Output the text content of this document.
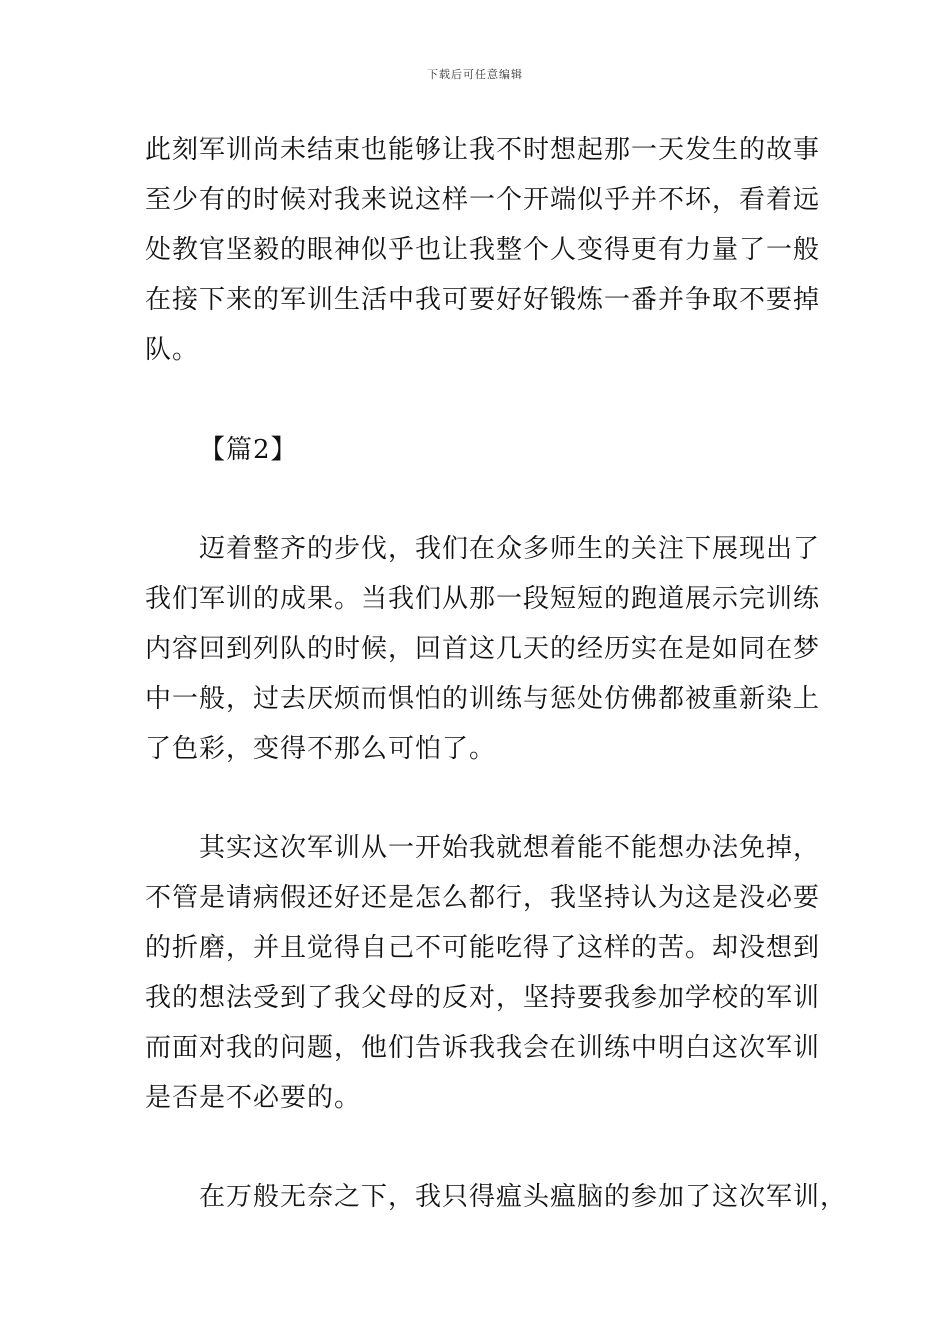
下载后可任意编辑
此刻军训尚未结束也能够让我不时想起那一天发生的故事
至少有的时候对我来说这样一个开端似乎并不坏，看着远
处教官坚毅的眼神似乎也让我整个人变得更有力量了一般
在接下来的军训生活中我可要好好锻炼一番并争取不要掉
队。
【篇2】
迈着整齐的步伐，我们在众多师生的关注下展现出了
我们军训的成果。当我们从那一段短短的跑道展示完训练
内容回到列队的时候，回首这几天的经历实在是如同在梦
中一般，过去厌烦而惧怕的训练与惩处仿佛都被重新染上
了色彩，变得不那么可怕了。
其实这次军训从一开始我就想着能不能想办法免掉，
不管是请病假还好还是怎么都行，我坚持认为这是没必要
的折磨，并且觉得自己不可能吃得了这样的苦。却没想到
我的想法受到了我父母的反对，坚持要我参加学校的军训
而面对我的问题，他们告诉我我会在训练中明白这次军训
是否是不必要的。
在万般无奈之下，我只得瘟头瘟脑的参加了这次军训，
